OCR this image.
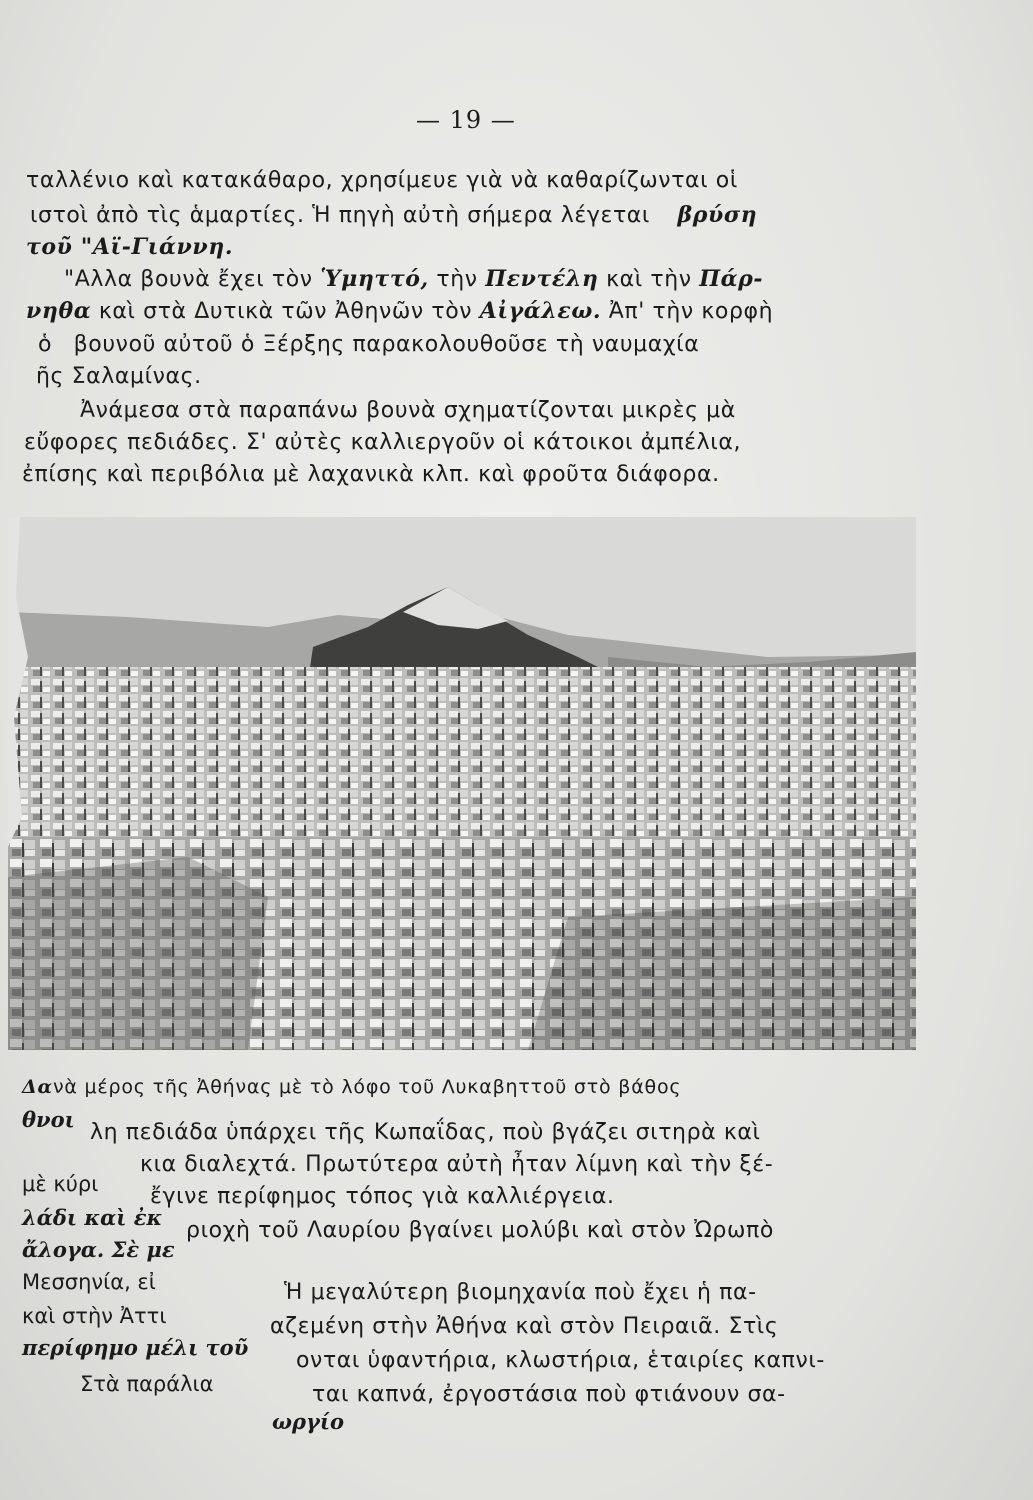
— 19 —
ταλλένιο καὶ κατακάθαρο, χρησίμευε γιὰ νὰ καθαρίζωνται οἱ
ιστοὶ ἀπὸ τὶς ἁμαρτίες. Ἡ πηγὴ αὐτὴ σήμερα λέγεται βρύση
τοῦ "Αϊ-Γιάννη.
"Αλλα βουνὰ ἔχει τὸν Ὑμηττό, τὴν Πεντέλη καὶ τὴν Πάρ-
νηθα καὶ στὰ Δυτικὰ τῶν Ἀθηνῶν τὸν Αἰγάλεω. Ἀπ' τὴν κορφὴ
ὁ βουνοῦ αὐτοῦ ὁ Ξέρξης παρακολουθοῦσε τὴ ναυμαχία
ῆς Σαλαμίνας.
Ἀνάμεσα στὰ παραπάνω βουνὰ σχηματίζονται μικρὲς μὰ
εὔφορες πεδιάδες. Σ' αὐτὲς καλλιεργοῦν οἱ κάτοικοι ἀμπέλια,
ἐπίσης καὶ περιβόλια μὲ λαχανικὰ κλπ. καὶ φροῦτα διάφορα.
Δανὰ μέρος τῆς Ἀθήνας μὲ τὸ λόφο τοῦ Λυκαβηττοῦ στὸ βάθος
λη πεδιάδα ὑπάρχει τῆς Κωπαΐδας, ποὺ βγάζει σιτηρὰ καὶ
κια διαλεχτά. Πρωτύτερα αὐτὴ ἦταν λίμνη καὶ τὴν ξέ-
ἔγινε περίφημος τόπος γιὰ καλλιέργεια.
ριοχὴ τοῦ Λαυρίου βγαίνει μολύβι καὶ στὸν Ὠρωπὸ
Ἡ μεγαλύτερη βιομηχανία ποὺ ἔχει ἡ πα-
αζεμένη στὴν Ἀθήνα καὶ στὸν Πειραιᾶ. Στὶς
ονται ὑφαντήρια, κλωστήρια, ἑταιρίες καπνι-
ται καπνά, ἐργοστάσια ποὺ φτιάνουν σα-
θνοι
μὲ κύρι
λάδι καὶ ἐκ
ἄλογα. Σὲ με
Μεσσηνία, εἰ
καὶ στὴν Ἀττι
περίφημο μέλι τοῦ
Στὰ παράλια
ωργίο
